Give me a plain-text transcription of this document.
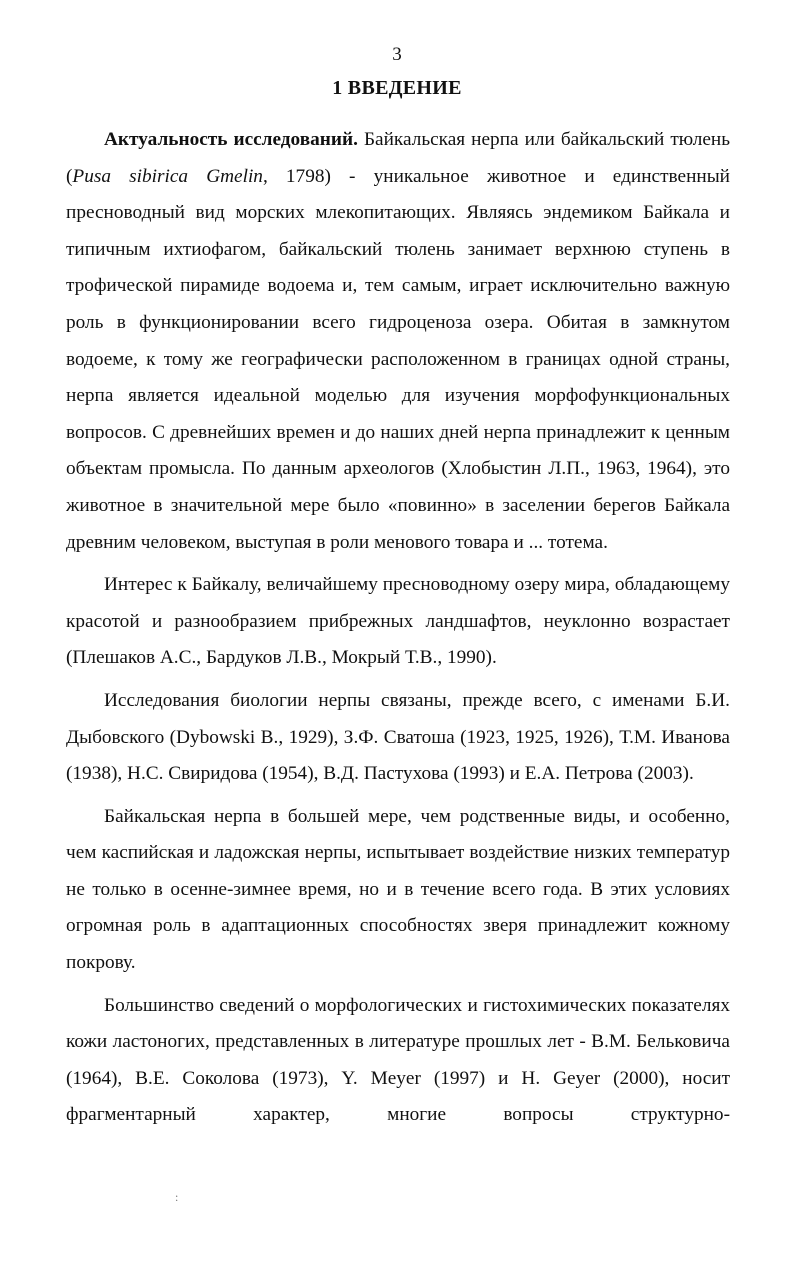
3
1 ВВЕДЕНИЕ

Актуальность исследований. Байкальская нерпа или байкальский тюлень (Pusa sibirica Gmelin, 1798) - уникальное животное и единственный пресноводный вид морских млекопитающих. Являясь эндемиком Байкала и типичным ихтиофагом, байкальский тюлень занимает верхнюю ступень в трофической пирамиде водоема и, тем самым, играет исключительно важную роль в функционировании всего гидроценоза озера. Обитая в замкнутом водоеме, к тому же географически расположенном в границах одной страны, нерпа является идеальной моделью для изучения морфофункциональных вопросов. С древнейших времен и до наших дней нерпа принадлежит к ценным объектам промысла. По данным археологов (Хлобыстин Л.П., 1963, 1964), это животное в значительной мере было «повинно» в заселении берегов Байкала древним человеком, выступая в роли менового товара и ... тотема.

Интерес к Байкалу, величайшему пресноводному озеру мира, обладающему красотой и разнообразием прибрежных ландшафтов, неуклонно возрастает (Плешаков А.С., Бардуков Л.В., Мокрый Т.В., 1990).

Исследования биологии нерпы связаны, прежде всего, с именами Б.И. Дыбовского (Dybowski B., 1929), З.Ф. Сватоша (1923, 1925, 1926), Т.М. Иванова (1938), Н.С. Свиридова (1954), В.Д. Пастухова (1993) и Е.А. Петрова (2003).

Байкальская нерпа в большей мере, чем родственные виды, и особенно, чем каспийская и ладожская нерпы, испытывает воздействие низких температур не только в осенне-зимнее время, но и в течение всего года. В этих условиях огромная роль в адаптационных способностях зверя принадлежит кожному покрову.

Большинство сведений о морфологических и гистохимических показателях кожи ластоногих, представленных в литературе прошлых лет - В.М. Бельковича (1964), В.Е. Соколова (1973), Y. Meyer (1997) и H. Geyer (2000), носит фрагментарный характер, многие вопросы структурно-

:
